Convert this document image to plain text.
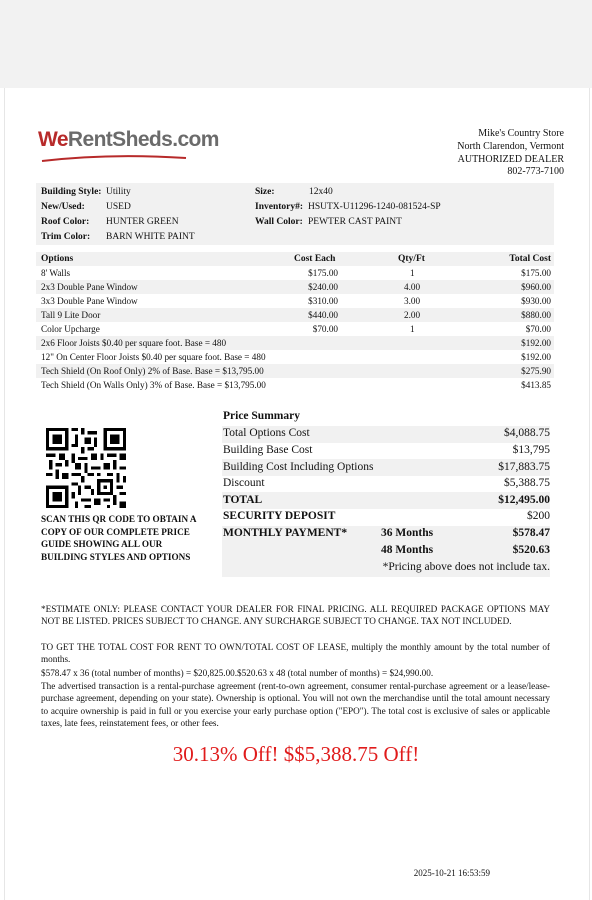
WeRentSheds.com	Mike's Country Store
North Clarendon, Vermont
AUTHORIZED DEALER
802-773-7100
Building Style: Utility	Size:	12x40
New/Used: USED	Inventory#: HSUTX-U11296-1240-081524-SP
Roof Color: HUNTER GREEN	Wall Color: PEWTER CAST PAINT
Trim Color: BARN WHITE PAINT
Options	Cost Each	Qty/Ft	Total Cost
8' Walls	$175.00	1	$175.00
2x3 Double Pane Window	$240.00	4.00	$960.00
3x3 Double Pane Window	$310.00	3.00	$930.00
Tall 9 Lite Door	$440.00	2.00	$880.00
Color Upcharge	$70.00	1	$70.00
2x6 Floor Joists $0.40 per square foot. Base = 480	$192.00
12" On Center Floor Joists $0.40 per square foot. Base = 480	$192.00
Tech Shield (On Roof Only) 2% of Base. Base = $13,795.00	$275.90
Tech Shield (On Walls Only) 3% of Base. Base = $13,795.00	$413.85
SCAN THIS QR CODE TO OBTAIN A
COPY OF OUR COMPLETE PRICE
GUIDE SHOWING ALL OUR
BUILDING STYLES AND OPTIONS
Price Summary
Total Options Cost	$4,088.75
Building Base Cost	$13,795
Building Cost Including Options	$17,883.75
Discount	$5,388.75
TOTAL	$12,495.00
SECURITY DEPOSIT	$200
MONTHLY PAYMENT*	36 Months	$578.47
48 Months	$520.63
*Pricing above does not include tax.
*ESTIMATE ONLY: PLEASE CONTACT YOUR DEALER FOR FINAL PRICING. ALL REQUIRED PACKAGE OPTIONS MAY NOT BE LISTED. PRICES SUBJECT TO CHANGE. ANY SURCHARGE SUBJECT TO CHANGE. TAX NOT INCLUDED.
TO GET THE TOTAL COST FOR RENT TO OWN/TOTAL COST OF LEASE, multiply the monthly amount by the total number of months.
$578.47 x 36 (total number of months) = $20,825.00.$520.63 x 48 (total number of months) = $24,990.00.
The advertised transaction is a rental-purchase agreement (rent-to-own agreement, consumer rental-purchase agreement or a lease/lease-purchase agreement, depending on your state). Ownership is optional. You will not own the merchandise until the total amount necessary to acquire ownership is paid in full or you exercise your early purchase option ("EPO"). The total cost is exclusive of sales or applicable taxes, late fees, reinstatement fees, or other fees.
30.13% Off! $$5,388.75 Off!
2025-10-21 16:53:59
